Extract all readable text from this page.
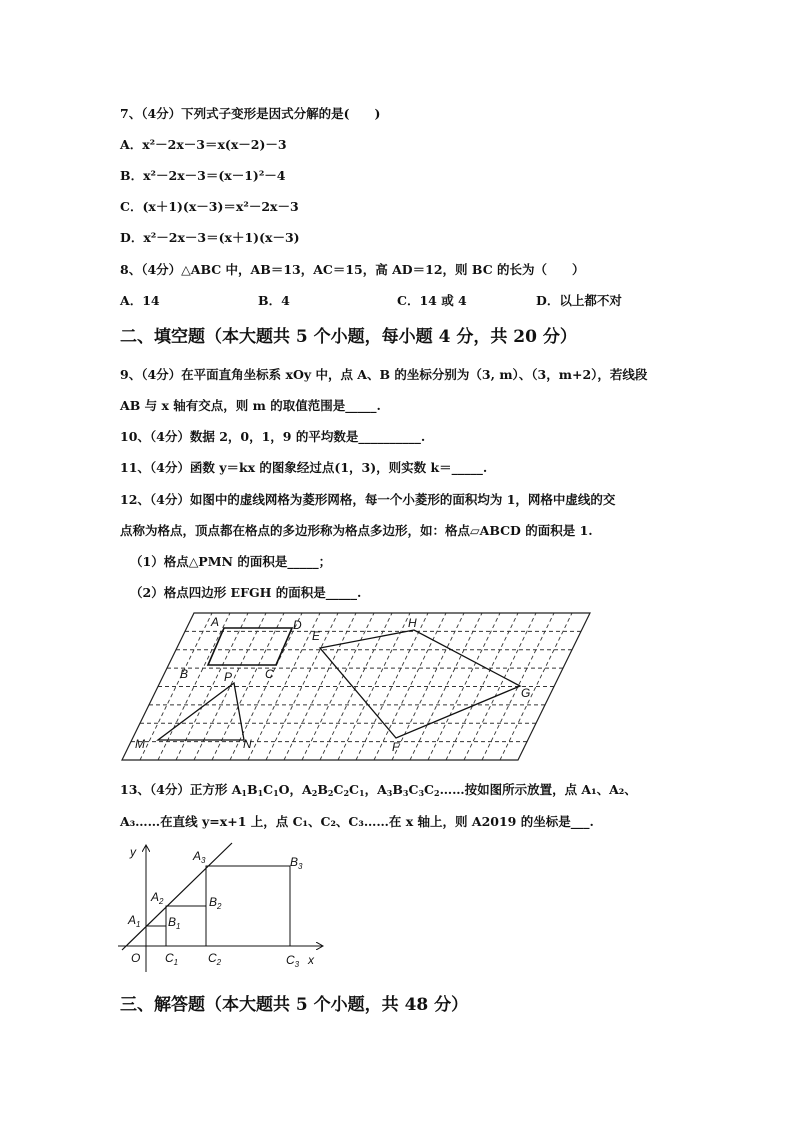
7、（4分）下列式子变形是因式分解的是(　　)
A．x²－2x－3＝x(x－2)－3
B．x²－2x－3＝(x－1)²－4
C．(x＋1)(x－3)＝x²－2x－3
D．x²－2x－3＝(x＋1)(x－3)
8、（4分）△ABC 中，AB＝13，AC＝15，高 AD＝12，则 BC 的长为（　　）
A．14	B．4	C．14 或 4	D．以上都不对
二、填空题（本大题共 5 个小题，每小题 4 分，共 20 分）
9、（4分）在平面直角坐标系 xOy 中，点 A、B 的坐标分别为（3, m）、（3，m+2），若线段
AB 与 x 轴有交点，则 m 的取值范围是_____.
10、（4分）数据 2，0，1，9 的平均数是__________.
11、（4分）函数 y＝kx 的图象经过点(1，3)，则实数 k＝_____.
12、（4分）如图中的虚线网格为菱形网格，每一个小菱形的面积均为 1，网格中虚线的交
点称为格点，顶点都在格点的多边形称为格点多边形，如：格点▱ABCD 的面积是 1.
（1）格点△PMN 的面积是_____；
（2）格点四边形 EFGH 的面积是_____.
A	D
B	C
P
M	N
E
H
G
F
13、（4分）正方形 $A_1B_1C_1O$，$A_2B_2C_2C_1$，$A_3B_3C_3C_2\dots\dots$按如图所示放置，点 A₁、A₂、
A₃……在直线 y=x+1 上，点 C₁、C₂、C₃……在 x 轴上，则 A2019 的坐标是___.
y
x
O
$A_1$
$A_2$
$A_3$
$B_1$
$B_2$
$B_3$
$C_1$ $C_2$	$C_3$
三、解答题（本大题共 5 个小题，共 48 分）
